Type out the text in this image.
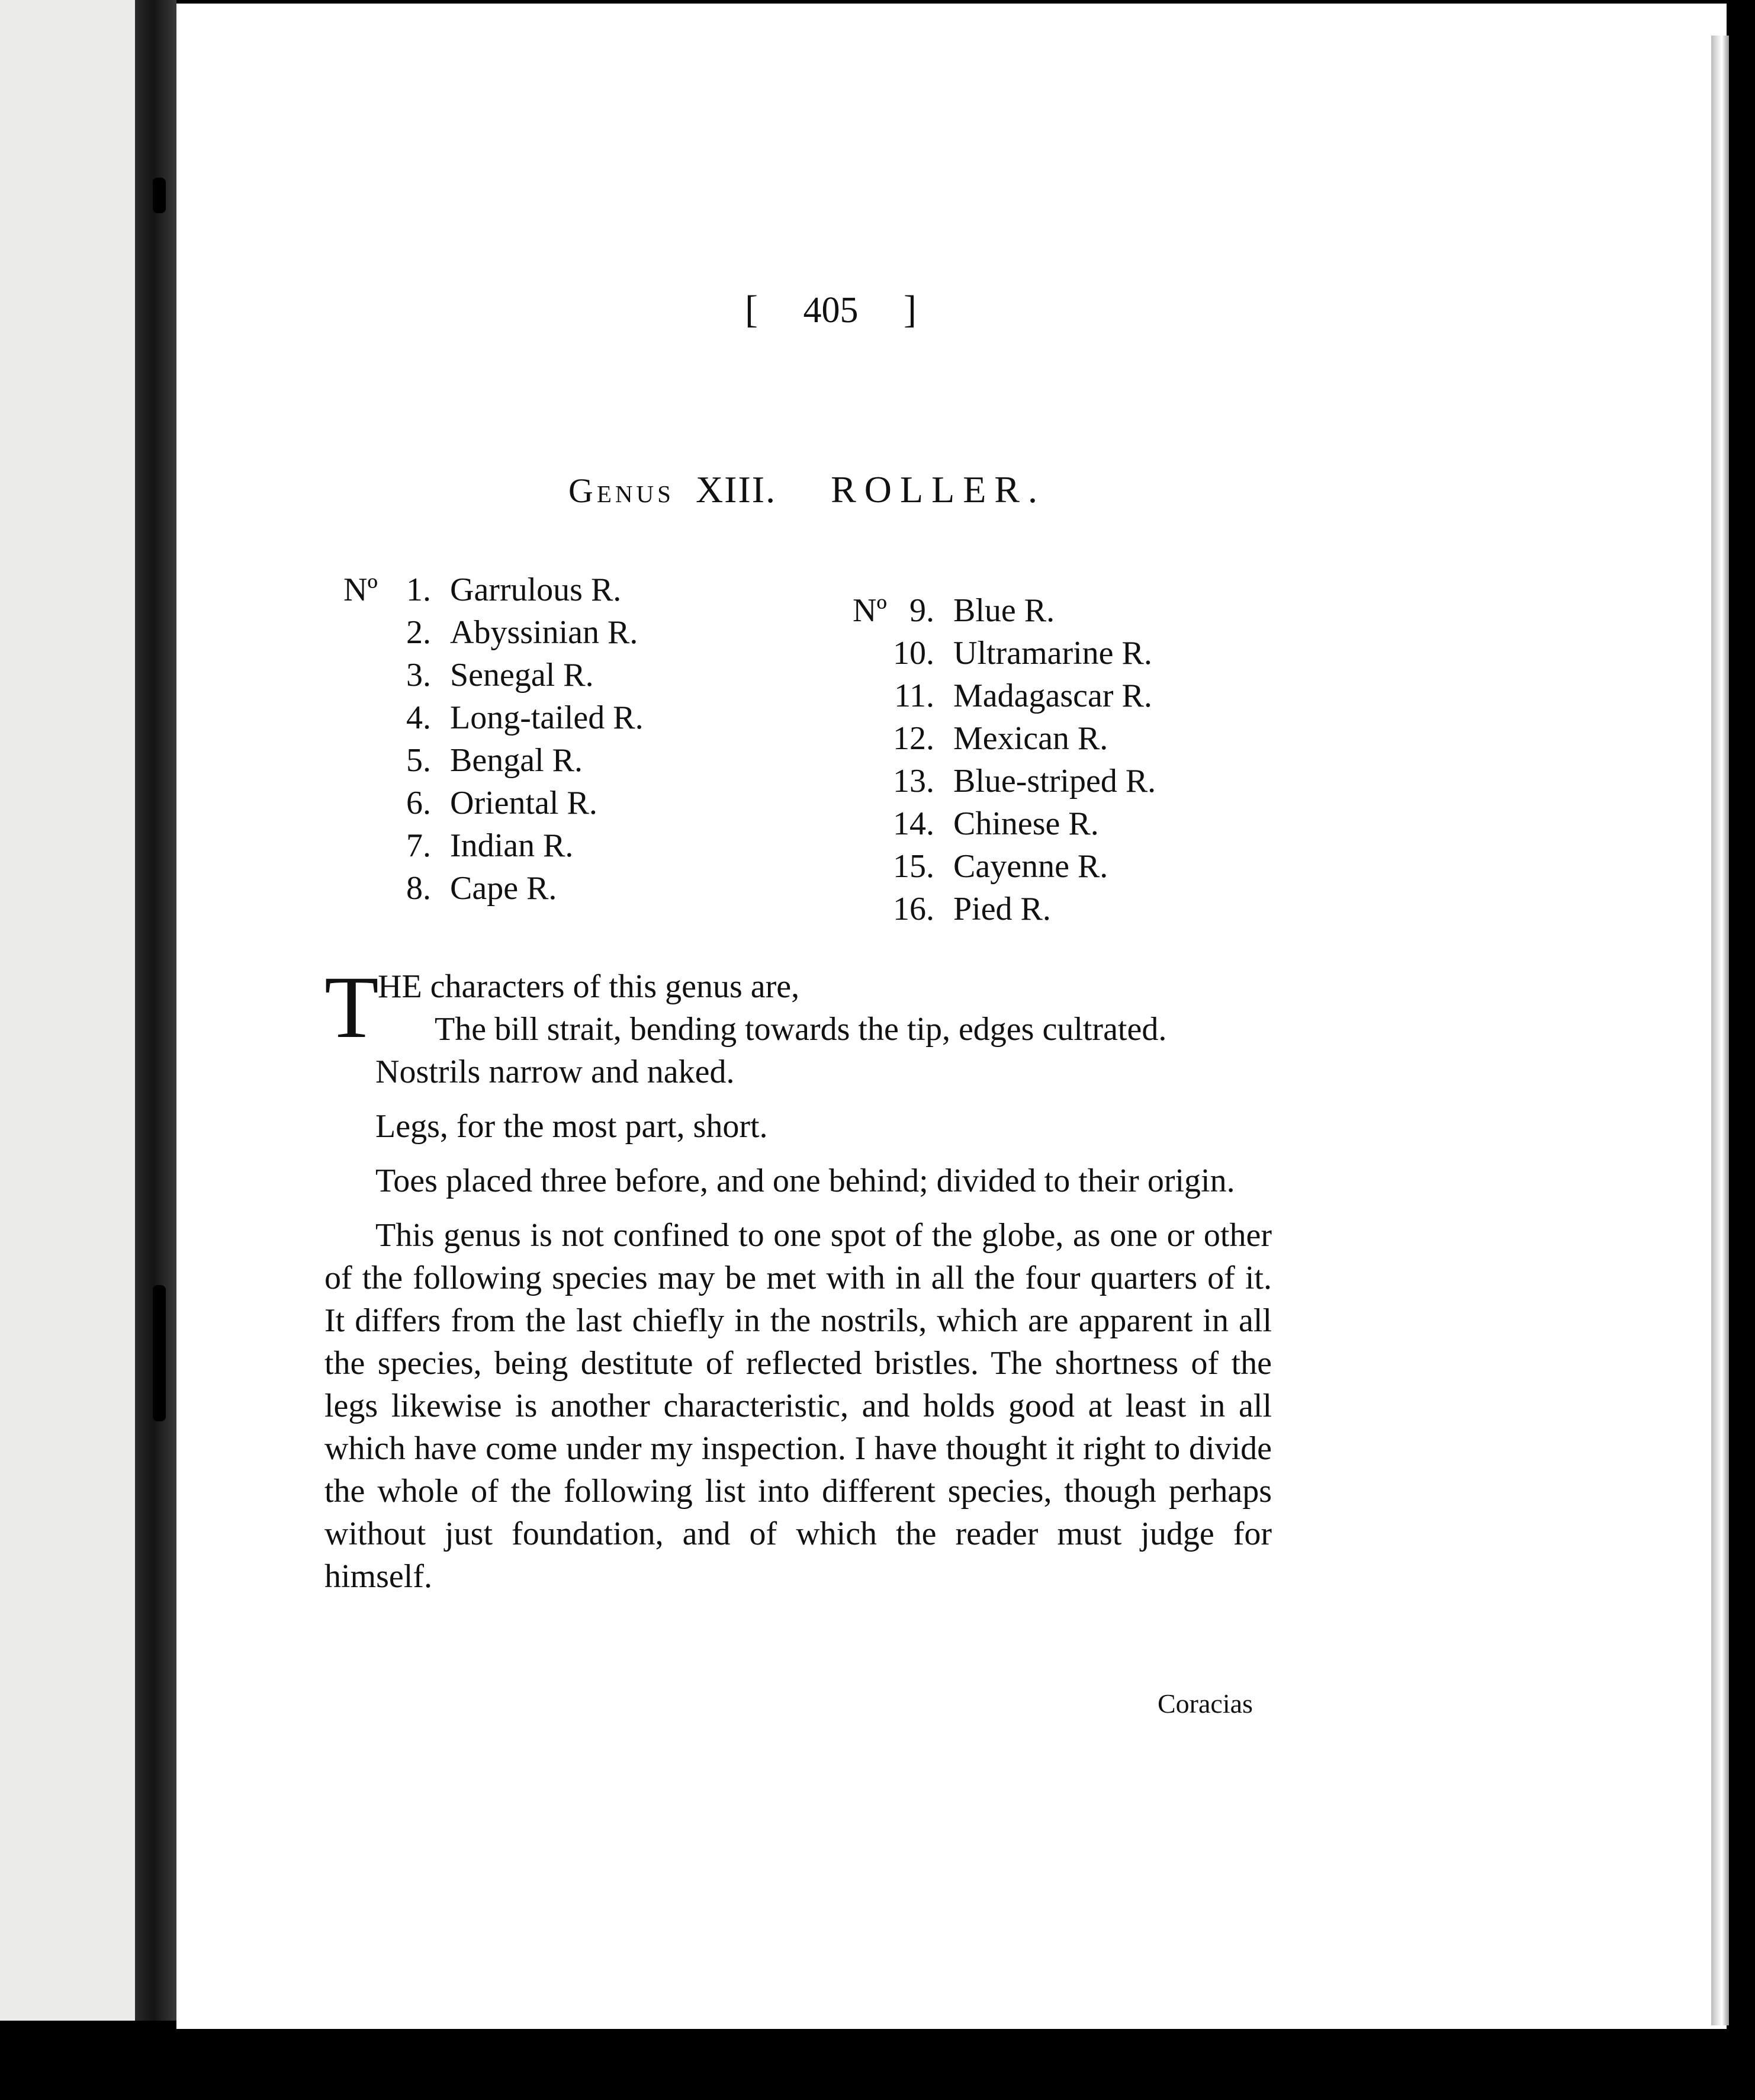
[ 405 ]
Genus XIII. ROLLER.
Nº 1. Garrulous R.
2. Abyssinian R.
3. Senegal R.
4. Long-tailed R.
5. Bengal R.
6. Oriental R.
7. Indian R.
8. Cape R.
Nº 9. Blue R.
10. Ultramarine R.
11. Madagascar R.
12. Mexican R.
13. Blue-striped R.
14. Chinese R.
15. Cayenne R.
16. Pied R.

T
HE characters of this genus are,

The bill strait, bending towards the tip, edges cultrated.

Nostrils narrow and naked.

Legs, for the most part, short.

Toes placed three before, and one behind; divided to their origin.

This genus is not confined to one spot of the globe, as one or other of the following species may be met with in all the four quarters of it. It differs from the last chiefly in the nostrils, which are apparent in all the species, being destitute of reflected bristles. The shortness of the legs likewise is another characteristic, and holds good at least in all which have come under my inspection. I have thought it right to divide the whole of the following list into different species, though perhaps without just foundation, and of which the reader must judge for himself.

Coracias
